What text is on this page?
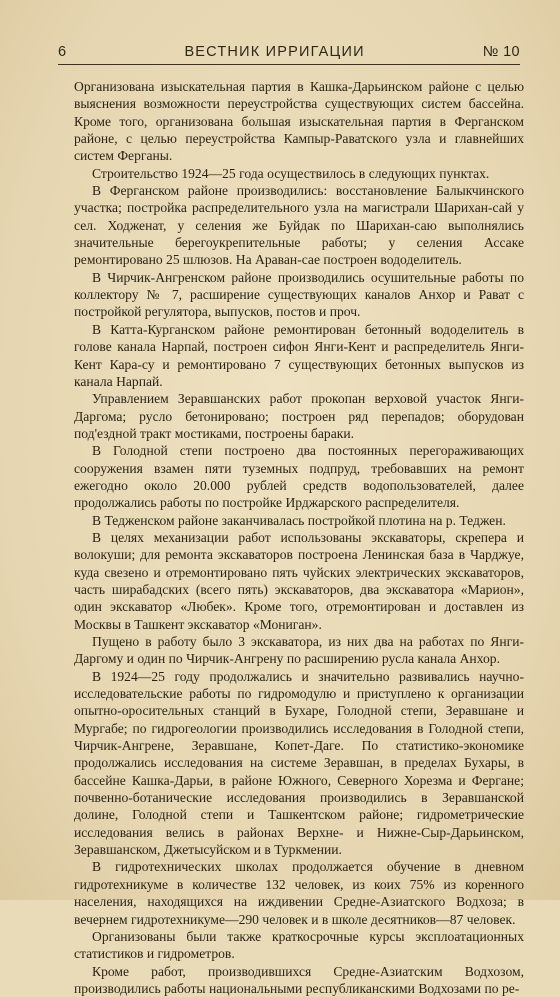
6	ВЕСТНИК ИРРИГАЦИИ	№ 10

Организована изыскательная партия в Кашка-Дарьинском районе с целью выяснения возможности переустройства существующих систем бассейна. Кроме того, организована большая изыскательная партия в Ферганском районе, с целью переустройства Кампыр-Раватского узла и главнейших систем Ферганы.

Строительство 1924—25 года осуществилось в следующих пунктах.

В Ферганском районе производились: восстановление Балыкчинского участка; постройка распределительного узла на магистрали Шарихан-сай у сел. Ходженат, у селения же Буйдак по Шарихан-саю выполнялись значительные берегоукрепительные работы; у селения Ассаке ремонтировано 25 шлюзов. На Араван-сае построен вододелитель.

В Чирчик-Ангренском районе производились осушительные работы по коллектору № 7, расширение существующих каналов Анхор и Рават с постройкой регулятора, выпусков, постов и проч.

В Катта-Курганском районе ремонтирован бетонный вододелитель в голове канала Нарпай, построен сифон Янги-Кент и распределитель Янги-Кент Кара-су и ремонтировано 7 существующих бетонных выпусков из канала Нарпай.

Управлением Зеравшанских работ прокопан верховой участок Янги-Даргома; русло бетонировано; построен ряд перепадов; оборудован под'ездной тракт мостиками, построены бараки.

В Голодной степи построено два постоянных перегораживающих сооружения взамен пяти туземных подпруд, требовавших на ремонт ежегодно около 20.000 рублей средств водопользователей, далее продолжались работы по постройке Ирджарского распределителя.

В Тедженском районе заканчивалась постройкой плотина на р. Теджен.

В целях механизации работ использованы экскаваторы, скрепера и волокуши; для ремонта экскаваторов построена Ленинская база в Чарджуе, куда свезено и отремонтировано пять чуйских электрических экскаваторов, часть ширабадских (всего пять) экскаваторов, два экскаватора «Марион», один экскаватор «Любек». Кроме того, отремонтирован и доставлен из Москвы в Ташкент экскаватор «Мониган».

Пущено в работу было 3 экскаватора, из них два на работах по Янги-Даргому и один по Чирчик-Ангрену по расширению русла канала Анхор.

В 1924—25 году продолжались и значительно развивались научно-исследовательские работы по гидромодулю и приступлено к организации опытно-оросительных станций в Бухаре, Голодной степи, Зеравшане и Мургабе; по гидрогеологии производились исследования в Голодной степи, Чирчик-Ангрене, Зеравшане, Копет-Даге. По статистико-экономике продолжались исследования на системе Зеравшан, в пределах Бухары, в бассейне Кашка-Дарьи, в районе Южного, Северного Хорезма и Фергане; почвенно-ботанические исследования производились в Зеравшанской долине, Голодной степи и Ташкентском районе; гидрометрические исследования велись в районах Верхне- и Нижне-Сыр-Дарьинском, Зеравшанском, Джетысуйском и в Туркмении.

В гидротехнических школах продолжается обучение в дневном гидротехникуме в количестве 132 человек, из коих 75% из коренного населения, находящихся на иждивении Средне-Азиатского Водхоза; в вечернем гидротехникуме—290 человек и в школе десятников—87 человек.

Организованы были также краткосрочные курсы эксплоатационных статистиков и гидрометров.

Кроме работ, производившихся Средне-Азиатским Водхозом, производились работы национальными республиканскими Водхозами по ре-
